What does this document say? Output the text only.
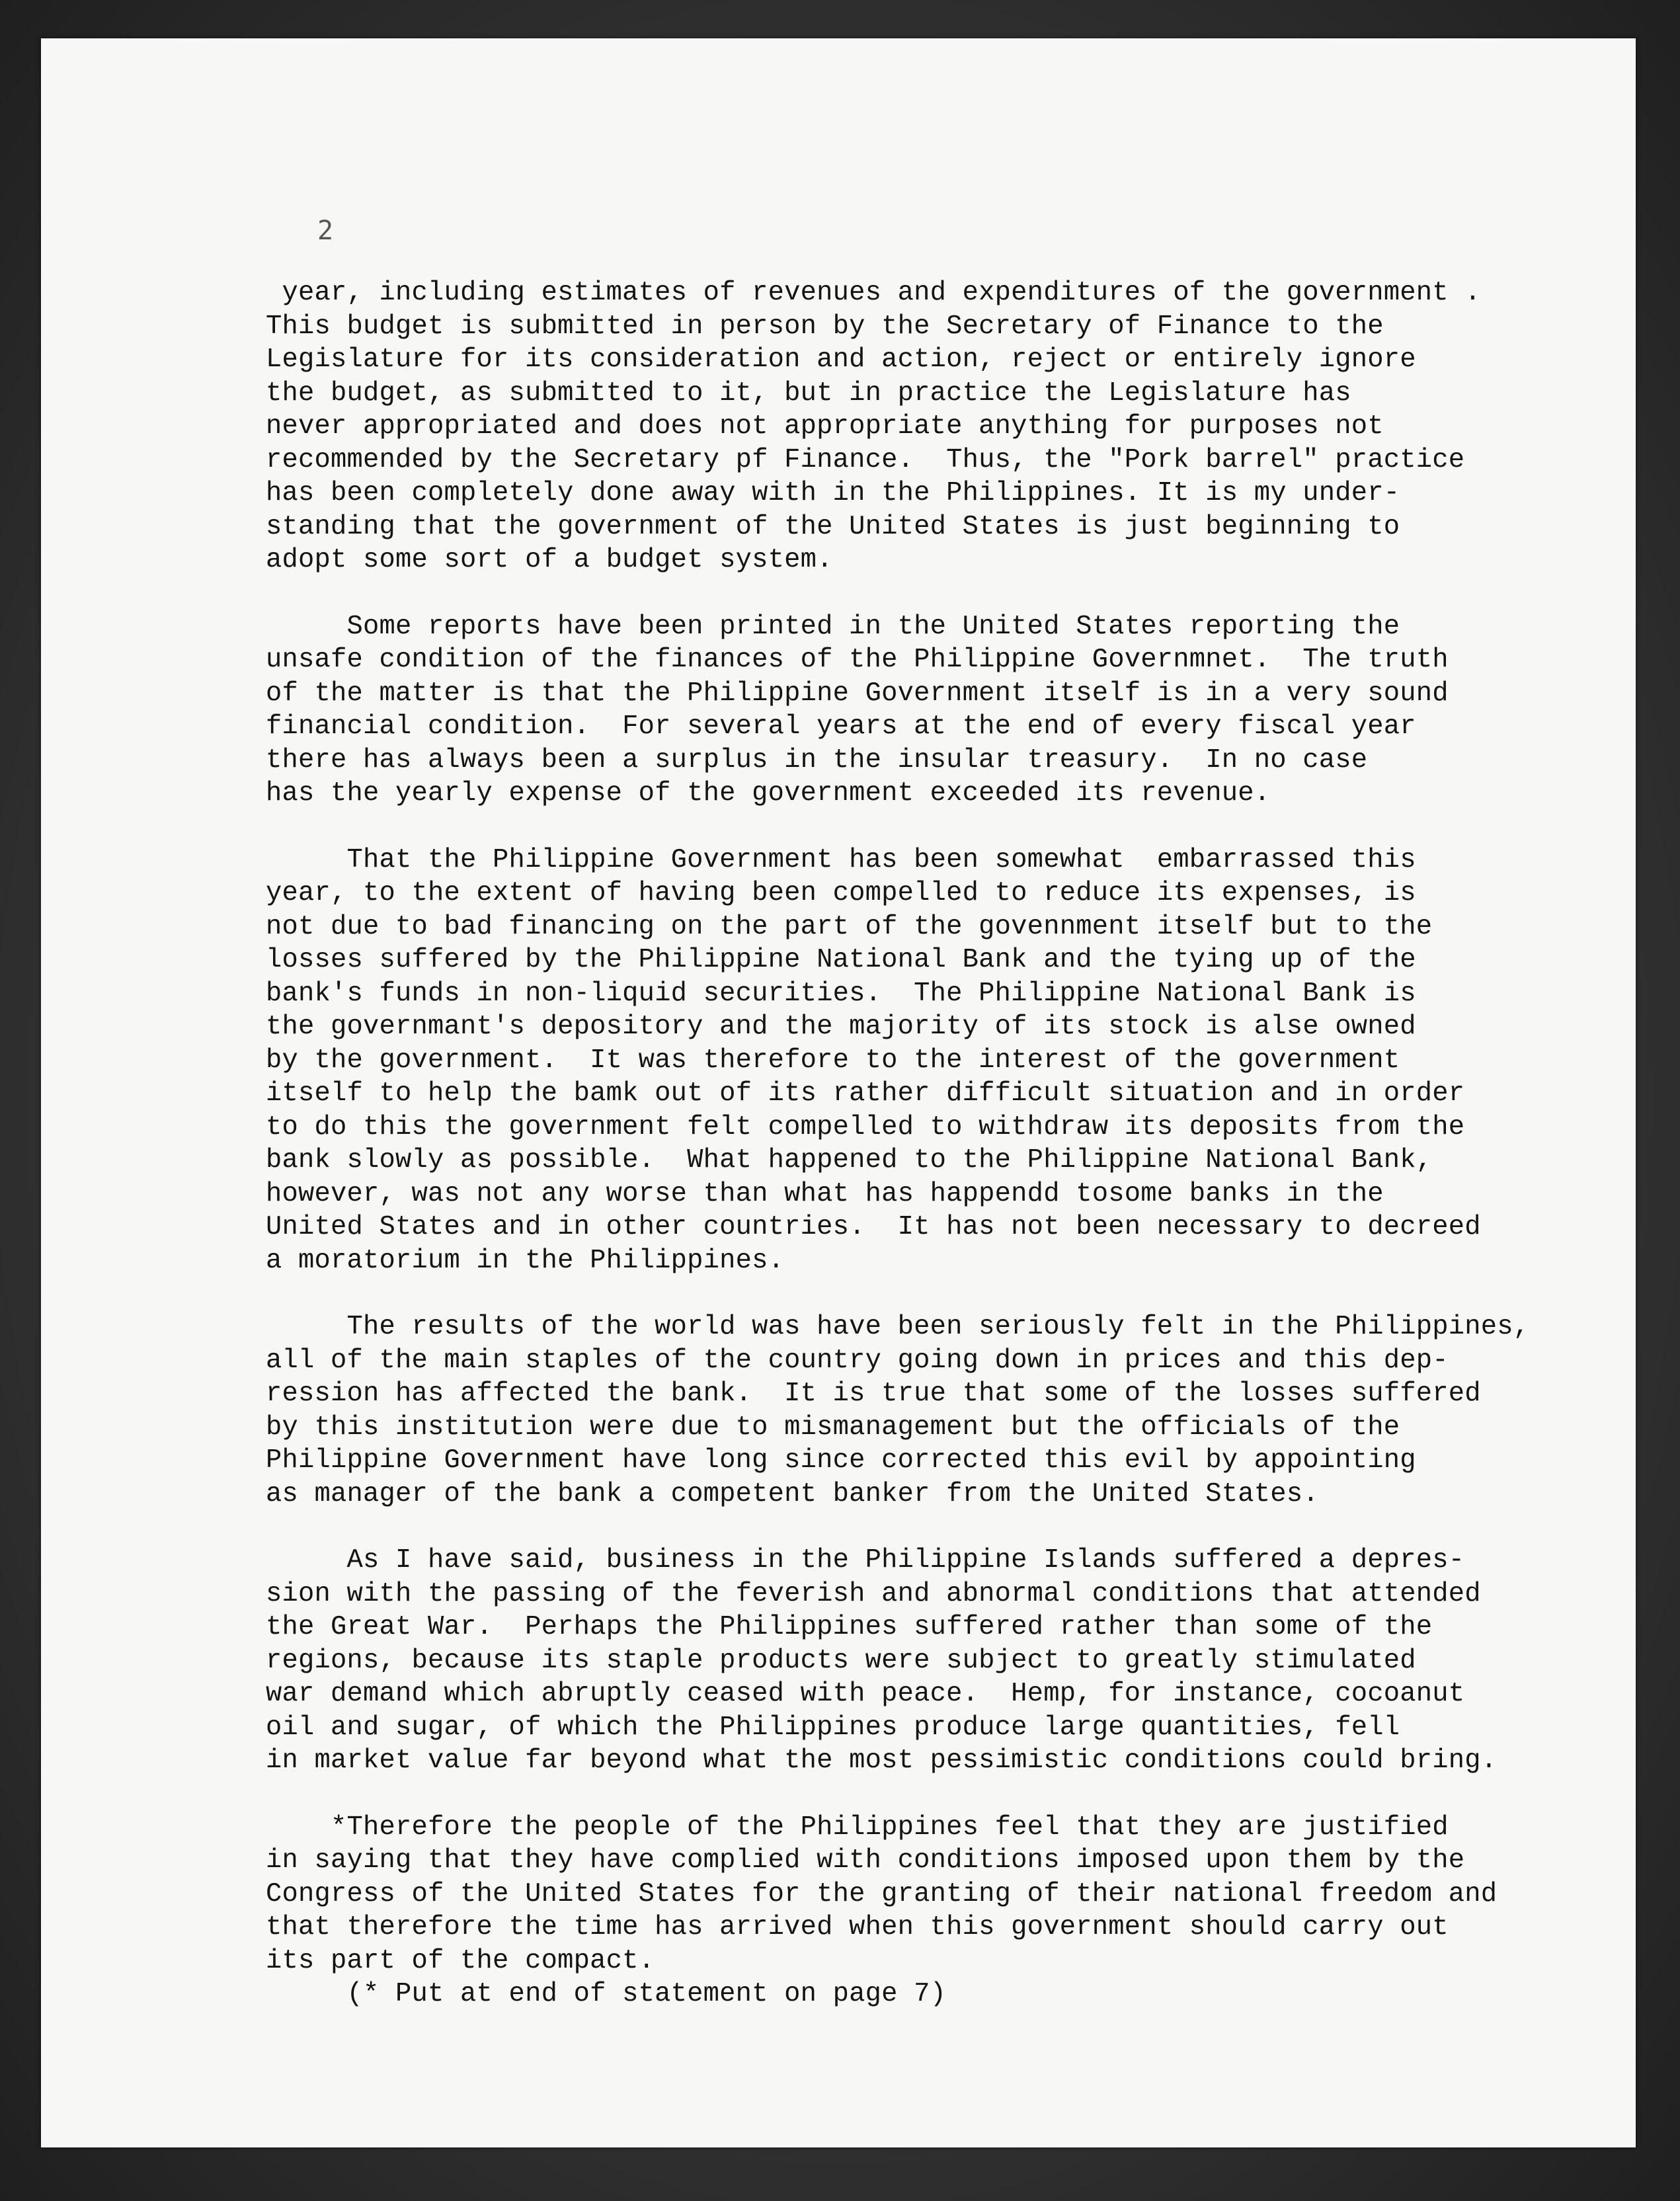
2

year, including estimates of revenues and expenditures of the government .
This budget is submitted in person by the Secretary of Finance to the
Legislature for its consideration and action, reject or entirely ignore
the budget, as submitted to it, but in practice the Legislature has
never appropriated and does not appropriate anything for purposes not
recommended by the Secretary pf Finance.  Thus, the "Pork barrel" practice
has been completely done away with in the Philippines. It is my under-
standing that the government of the United States is just beginning to
adopt some sort of a budget system.

Some reports have been printed in the United States reporting the
unsafe condition of the finances of the Philippine Governmnet.  The truth
of the matter is that the Philippine Government itself is in a very sound
financial condition.  For several years at the end of every fiscal year
there has always been a surplus in the insular treasury.  In no case
has the yearly expense of the government exceeded its revenue.

That the Philippine Government has been somewhat  embarrassed this
year, to the extent of having been compelled to reduce its expenses, is
not due to bad financing on the part of the govennment itself but to the
losses suffered by the Philippine National Bank and the tying up of the
bank's funds in non-liquid securities.  The Philippine National Bank is
the governmant's depository and the majority of its stock is alse owned
by the government.  It was therefore to the interest of the government
itself to help the bamk out of its rather difficult situation and in order
to do this the government felt compelled to withdraw its deposits from the
bank slowly as possible.  What happened to the Philippine National Bank,
however, was not any worse than what has happendd tosome banks in the
United States and in other countries.  It has not been necessary to decreed
a moratorium in the Philippines.

The results of the world was have been seriously felt in the Philippines,
all of the main staples of the country going down in prices and this dep-
ression has affected the bank.  It is true that some of the losses suffered
by this institution were due to mismanagement but the officials of the
Philippine Government have long since corrected this evil by appointing
as manager of the bank a competent banker from the United States.

As I have said, business in the Philippine Islands suffered a depres-
sion with the passing of the feverish and abnormal conditions that attended
the Great War.  Perhaps the Philippines suffered rather than some of the
regions, because its staple products were subject to greatly stimulated
war demand which abruptly ceased with peace.  Hemp, for instance, cocoanut
oil and sugar, of which the Philippines produce large quantities, fell
in market value far beyond what the most pessimistic conditions could bring.

*Therefore the people of the Philippines feel that they are justified
in saying that they have complied with conditions imposed upon them by the
Congress of the United States for the granting of their national freedom and
that therefore the time has arrived when this government should carry out
its part of the compact.
(* Put at end of statement on page 7)
